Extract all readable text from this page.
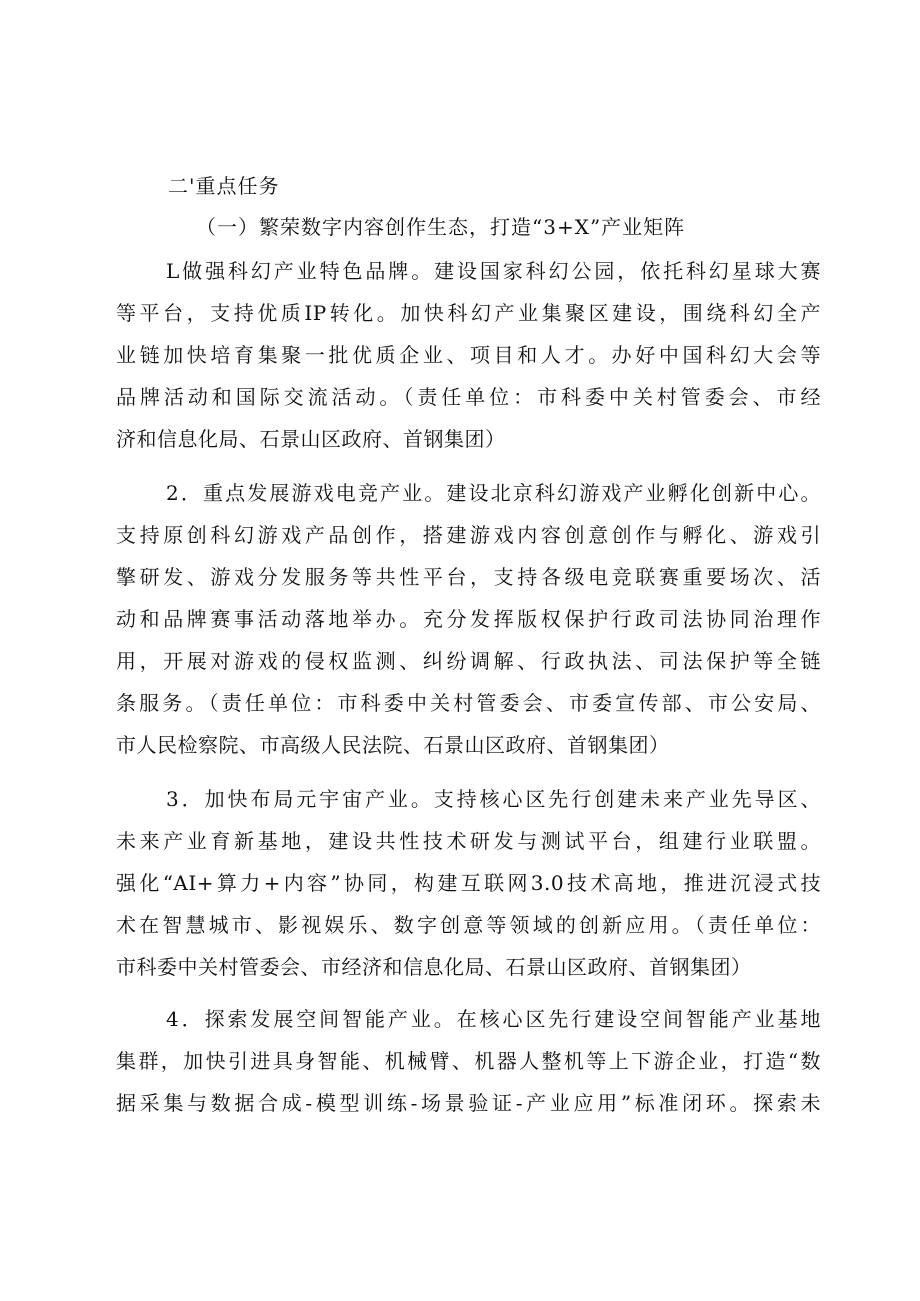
二'重点任务
（一）繁荣数字内容创作生态，打造“3+X”产业矩阵
L做强科幻产业特色品牌。建设国家科幻公园，依托科幻星球大赛
等平台，支持优质IP转化。加快科幻产业集聚区建设，围绕科幻全产
业链加快培育集聚一批优质企业、项目和人才。办好中国科幻大会等
品牌活动和国际交流活动。（责任单位：市科委中关村管委会、市经
济和信息化局、石景山区政府、首钢集团）
2．重点发展游戏电竞产业。建设北京科幻游戏产业孵化创新中心。
支持原创科幻游戏产品创作，搭建游戏内容创意创作与孵化、游戏引
擎研发、游戏分发服务等共性平台，支持各级电竞联赛重要场次、活
动和品牌赛事活动落地举办。充分发挥版权保护行政司法协同治理作
用，开展对游戏的侵权监测、纠纷调解、行政执法、司法保护等全链
条服务。（责任单位：市科委中关村管委会、市委宣传部、市公安局、
市人民检察院、市高级人民法院、石景山区政府、首钢集团）
3．加快布局元宇宙产业。支持核心区先行创建未来产业先导区、
未来产业育新基地，建设共性技术研发与测试平台，组建行业联盟。
强化“AI+算力+内容”协同，构建互联网3.0技术高地，推进沉浸式技
术在智慧城市、影视娱乐、数字创意等领域的创新应用。（责任单位：
市科委中关村管委会、市经济和信息化局、石景山区政府、首钢集团）
4．探索发展空间智能产业。在核心区先行建设空间智能产业基地
集群，加快引进具身智能、机械臂、机器人整机等上下游企业，打造“数
据采集与数据合成-模型训练-场景验证-产业应用”标准闭环。探索未
